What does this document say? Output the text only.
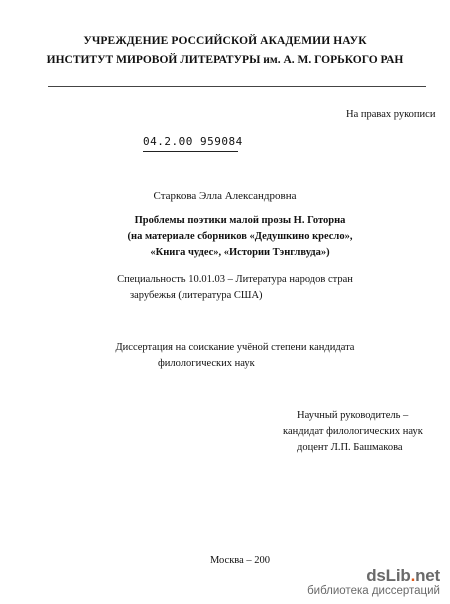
УЧРЕЖДЕНИЕ РОССИЙСКОЙ АКАДЕМИИ НАУК
ИНСТИТУТ МИРОВОЙ ЛИТЕРАТУРЫ им. А. М. ГОРЬКОГО РАН
На правах рукописи
04.2.00 959084
Старкова Элла Александровна
Проблемы поэтики малой прозы Н. Готорна
(на материале сборников «Дедушкино кресло»,
«Книга чудес», «Истории Тэнглвуда»)
Специальность 10.01.03 – Литература народов стран
зарубежья (литература США)
Диссертация на соискание учёной степени кандидата
филологических наук
Научный руководитель –
кандидат филологических наук
доцент Л.П. Башмакова
Москва – 200
dsLib.net
библиотека диссертаций
